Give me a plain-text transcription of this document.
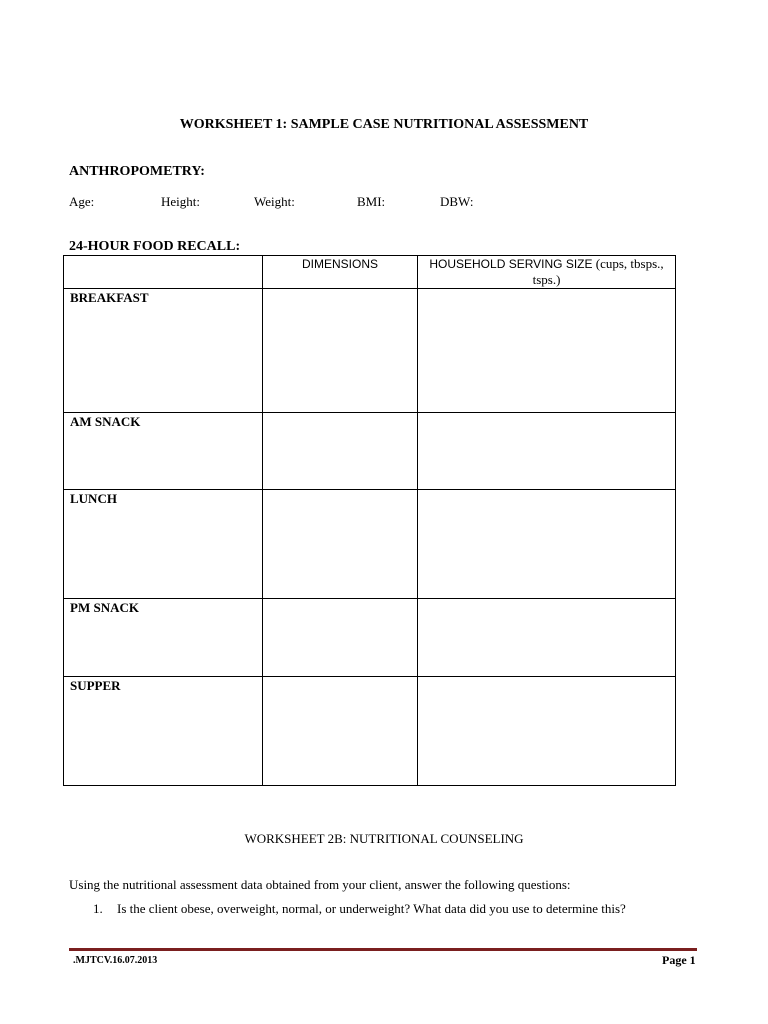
WORKSHEET 1: SAMPLE CASE NUTRITIONAL ASSESSMENT
ANTHROPOMETRY:
Age:	Height:	Weight:	BMI:	DBW:
24-HOUR FOOD RECALL:
	DIMENSIONS	HOUSEHOLD SERVING SIZE (cups, tbsps., tsps.)
BREAKFAST		
AM SNACK		
LUNCH		
PM SNACK		
SUPPER		
WORKSHEET 2B: NUTRITIONAL COUNSELING
Using the nutritional assessment data obtained from your client, answer the following questions:
1. Is the client obese, overweight, normal, or underweight? What data did you use to determine this?
.MJTCV.16.07.2013	Page 1
